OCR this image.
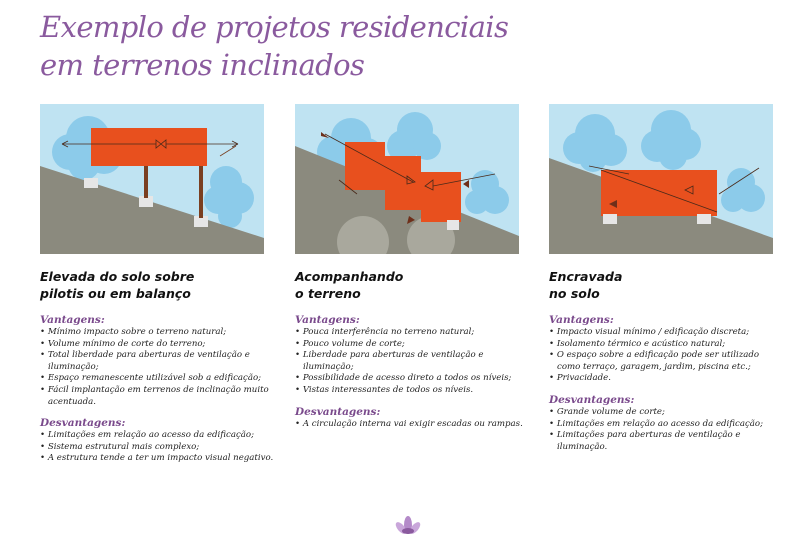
Exemplo de projetos residenciais
em terrenos inclinados
Elevada do solo sobre
pilotis ou em balanço

Vantagens:

• Mínimo impacto sobre o terreno natural;
• Volume mínimo de corte do terreno;
• Total liberdade para aberturas de ventilação e iluminação;
• Espaço remanescente utilizável sob a edificação;
• Fácil implantação em terrenos de inclinação muito acentuada.

Desvantagens:

• Limitações em relação ao acesso da edificação;
• Sistema estrutural mais complexo;
• A estrutura tende a ter um impacto visual negativo.
Acompanhando
o terreno

Vantagens:

• Pouca interferência no terreno natural;
• Pouco volume de corte;
• Liberdade para aberturas de ventilação e iluminação;
• Possibilidade de acesso direto a todos os níveis;
• Vistas interessantes de todos os níveis.

Desvantagens:

• A circulação interna vai exigir escadas ou rampas.
Encravada
no solo

Vantagens:

• Impacto visual mínimo / edificação discreta;
• Isolamento térmico e acústico natural;
• O espaço sobre a edificação pode ser utilizado como terraço, garagem, jardim, piscina etc.;
• Privacidade.

Desvantagens:

• Grande volume de corte;
• Limitações em relação ao acesso da edificação;
• Limitações para aberturas de ventilação e iluminação.
